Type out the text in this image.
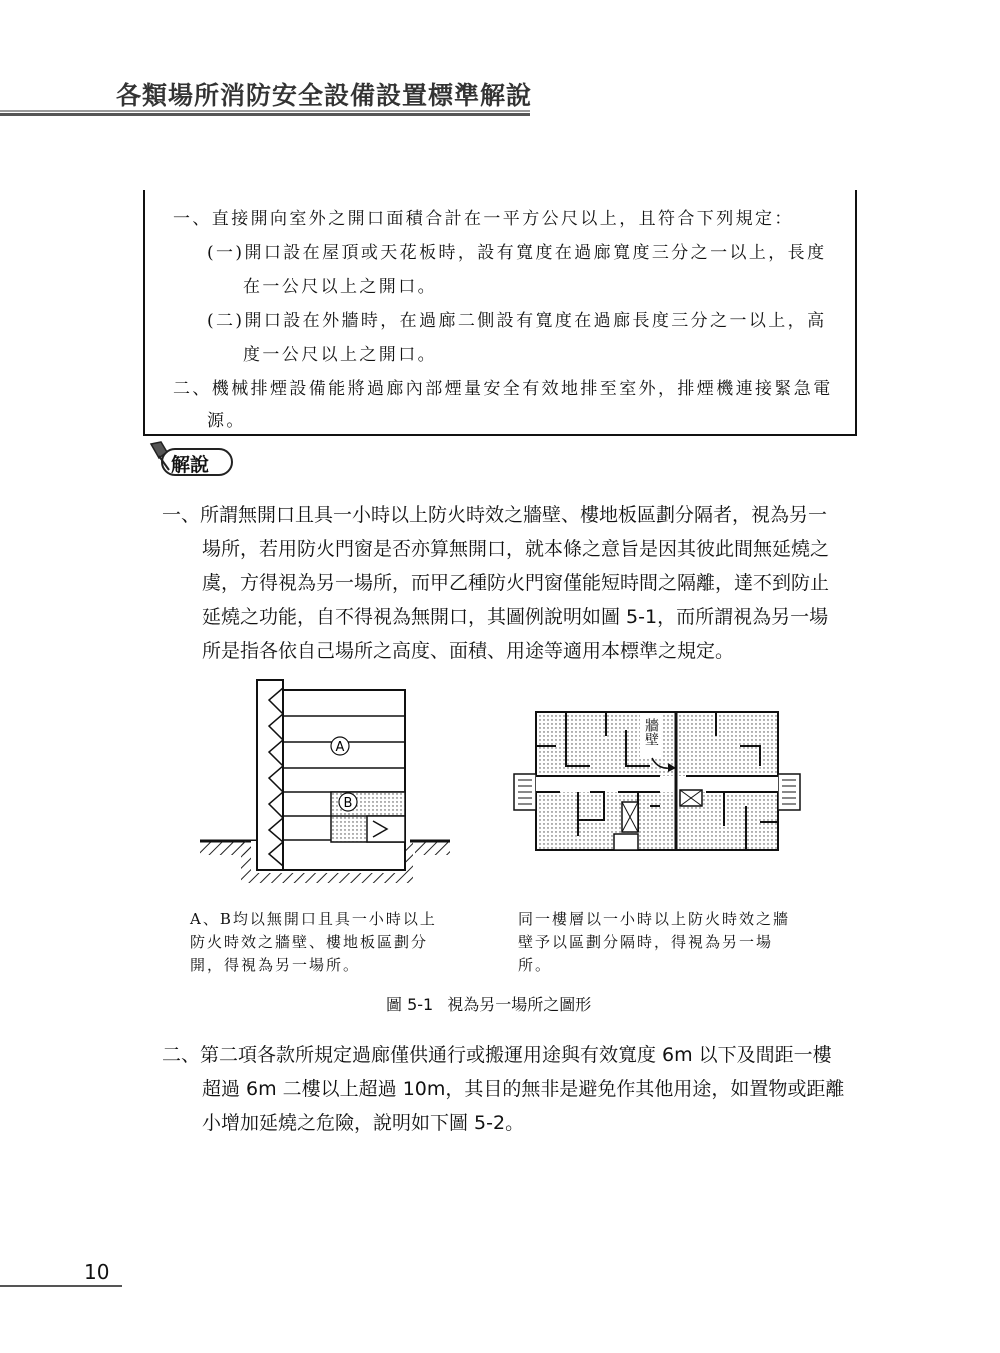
各類場所消防安全設備設置標準解說

一、直接開向室外之開口面積合計在一平方公尺以上，且符合下列規定：

(一)開口設在屋頂或天花板時，設有寬度在過廊寬度三分之一以上，長度

在一公尺以上之開口。

(二)開口設在外牆時，在過廊二側設有寬度在過廊長度三分之一以上，高

度一公尺以上之開口。

二、機械排煙設備能將過廊內部煙量安全有效地排至室外，排煙機連接緊急電

源。

解說

一、所謂無開口且具一小時以上防火時效之牆壁、樓地板區劃分隔者，視為另一

場所，若用防火門窗是否亦算無開口，就本條之意旨是因其彼此間無延燒之

虞，方得視為另一場所，而甲乙種防火門窗僅能短時間之隔離，達不到防止

延燒之功能，自不得視為無開口，其圖例說明如圖 5-1，而所謂視為另一場

所是指各依自己場所之高度、面積、用途等適用本標準之規定。

A
B
牆壁

A、B均以無開口且具一小時以上

防火時效之牆壁、樓地板區劃分

開，得視為另一場所。

同一樓層以一小時以上防火時效之牆

壁予以區劃分隔時，得視為另一場

所。

圖 5-1 視為另一場所之圖形

二、第二項各款所規定過廊僅供通行或搬運用途與有效寬度 6m 以下及間距一樓

超過 6m 二樓以上超過 10m，其目的無非是避免作其他用途，如置物或距離

小增加延燒之危險，說明如下圖 5-2。

10
